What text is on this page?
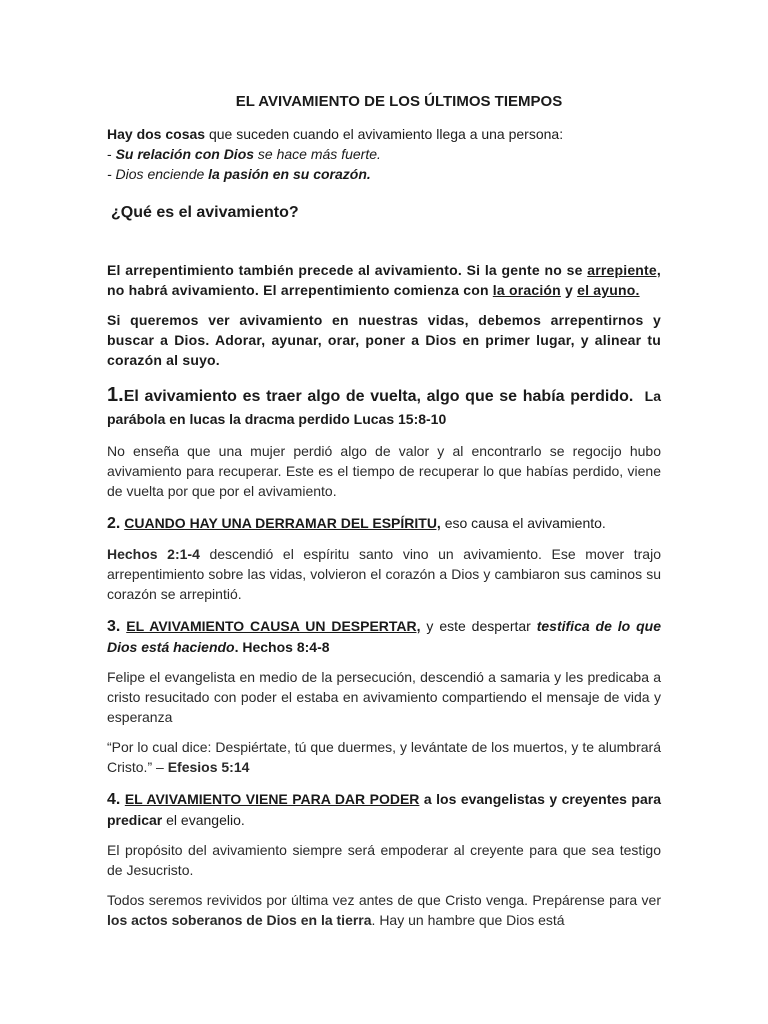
EL AVIVAMIENTO DE LOS ÚLTIMOS TIEMPOS

Hay dos cosas que suceden cuando el avivamiento llega a una persona:

- Su relación con Dios se hace más fuerte.

- Dios enciende la pasión en su corazón.

¿Qué es el avivamiento?

El arrepentimiento también precede al avivamiento. Si la gente no se arrepiente, no habrá avivamiento. El arrepentimiento comienza con la oración y el ayuno.

Si queremos ver avivamiento en nuestras vidas, debemos arrepentirnos y buscar a Dios. Adorar, ayunar, orar, poner a Dios en primer lugar, y alinear tu corazón al suyo.

1.El avivamiento es traer algo de vuelta, algo que se había perdido. La parábola en lucas la dracma perdido Lucas 15:8-10

No enseña que una mujer perdió algo de valor y al encontrarlo se regocijo hubo avivamiento para recuperar. Este es el tiempo de recuperar lo que habías perdido, viene de vuelta por que por el avivamiento.

2. CUANDO HAY UNA DERRAMAR DEL ESPÍRITU, eso causa el avivamiento.

Hechos 2:1-4 descendió el espíritu santo vino un avivamiento. Ese mover trajo arrepentimiento sobre las vidas, volvieron el corazón a Dios y cambiaron sus caminos su corazón se arrepintió.

3. EL AVIVAMIENTO CAUSA UN DESPERTAR, y este despertar testifica de lo que Dios está haciendo. Hechos 8:4-8

Felipe el evangelista en medio de la persecución, descendió a samaria y les predicaba a cristo resucitado con poder el estaba en avivamiento compartiendo el mensaje de vida y esperanza

“Por lo cual dice: Despiértate, tú que duermes, y levántate de los muertos, y te alumbrará Cristo.” – Efesios 5:14

4. EL AVIVAMIENTO VIENE PARA DAR PODER a los evangelistas y creyentes para predicar el evangelio.

El propósito del avivamiento siempre será empoderar al creyente para que sea testigo de Jesucristo.

Todos seremos revividos por última vez antes de que Cristo venga. Prepárense para ver los actos soberanos de Dios en la tierra. Hay un hambre que Dios está
